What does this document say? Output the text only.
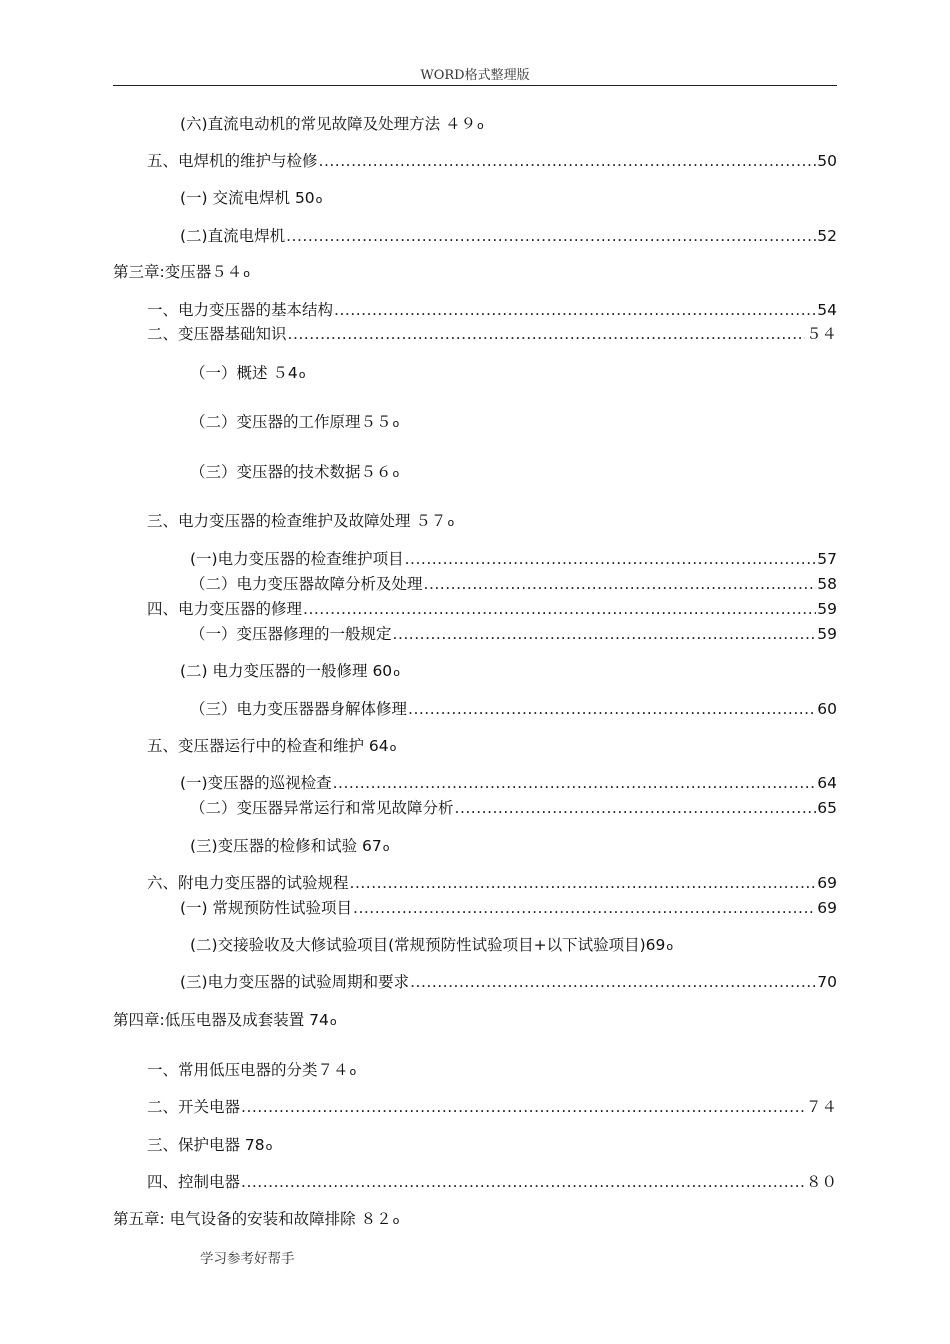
WORD格式整理版
(六)直流电动机的常见故障及处理方法 ４９ o
五、电焊机的维护与检修 .....	50
(一) 交流电焊机 50 o
(二)直流电焊机 .....	52
第三章:变压器５４ o
一、电力变压器的基本结构 .....	54
二、变压器基础知识 .....	５４
（一）概述 ５4 o
（二）变压器的工作原理５５ o
（三）变压器的技术数据５６ o
三、电力变压器的检查维护及故障处理 ５７ o
(一)电力变压器的检查维护项目 .....	57
（二）电力变压器故障分析及处理 .....	58
四、电力变压器的修理 .....	59
（一）变压器修理的一般规定 .....	59
(二) 电力变压器的一般修理 60 o
（三）电力变压器器身解体修理 .....	60
五、变压器运行中的检查和维护 64 o
(一)变压器的巡视检查 .....	64
（二）变压器异常运行和常见故障分析 .....	65
(三)变压器的检修和试验 67 o
六、附电力变压器的试验规程 .....	69
(一) 常规预防性试验项目 .....	69
(二)交接验收及大修试验项目(常规预防性试验项目+以下试验项目)69 o
(三)电力变压器的试验周期和要求 .....	70
第四章:低压电器及成套装置 74 o
一、常用低压电器的分类７４ o
二、开关电器 .....	７４
三、保护电器 78 o
四、控制电器 .....	８０
第五章: 电气设备的安装和故障排除 ８２ o
学习参考好帮手
